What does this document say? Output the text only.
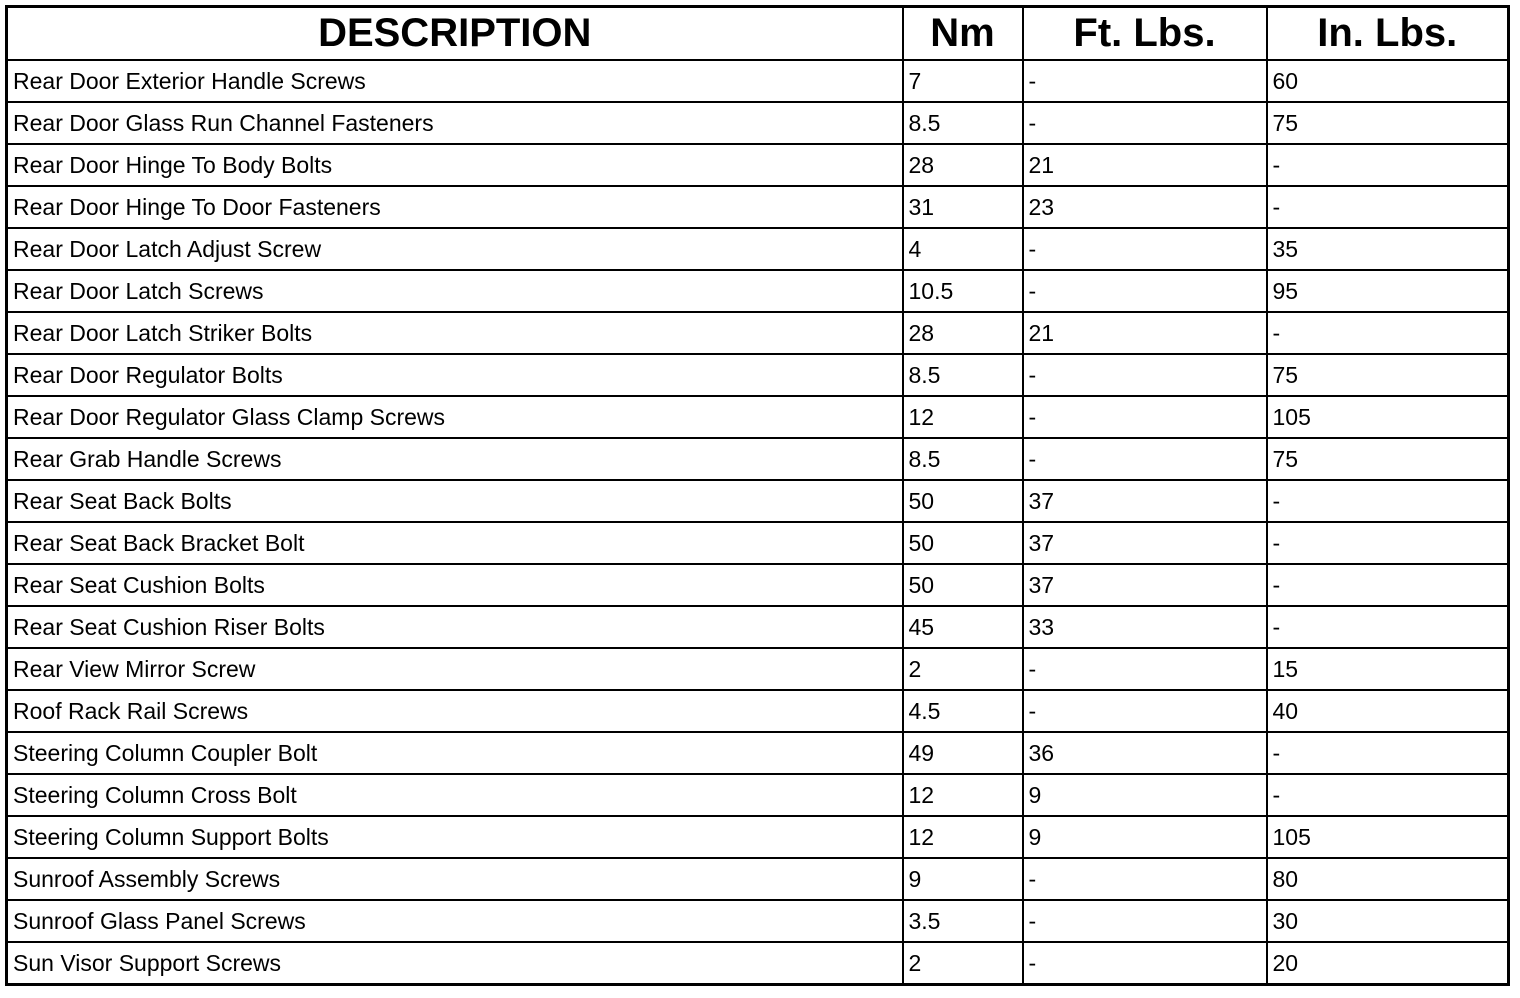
DESCRIPTION	Nm	Ft. Lbs.	In. Lbs.
Rear Door Exterior Handle Screws	7	-	60
Rear Door Glass Run Channel Fasteners	8.5	-	75
Rear Door Hinge To Body Bolts	28	21	-
Rear Door Hinge To Door Fasteners	31	23	-
Rear Door Latch Adjust Screw	4	-	35
Rear Door Latch Screws	10.5	-	95
Rear Door Latch Striker Bolts	28	21	-
Rear Door Regulator Bolts	8.5	-	75
Rear Door Regulator Glass Clamp Screws	12	-	105
Rear Grab Handle Screws	8.5	-	75
Rear Seat Back Bolts	50	37	-
Rear Seat Back Bracket Bolt	50	37	-
Rear Seat Cushion Bolts	50	37	-
Rear Seat Cushion Riser Bolts	45	33	-
Rear View Mirror Screw	2	-	15
Roof Rack Rail Screws	4.5	-	40
Steering Column Coupler Bolt	49	36	-
Steering Column Cross Bolt	12	9	-
Steering Column Support Bolts	12	9	105
Sunroof Assembly Screws	9	-	80
Sunroof Glass Panel Screws	3.5	-	30
Sun Visor Support Screws	2	-	20
